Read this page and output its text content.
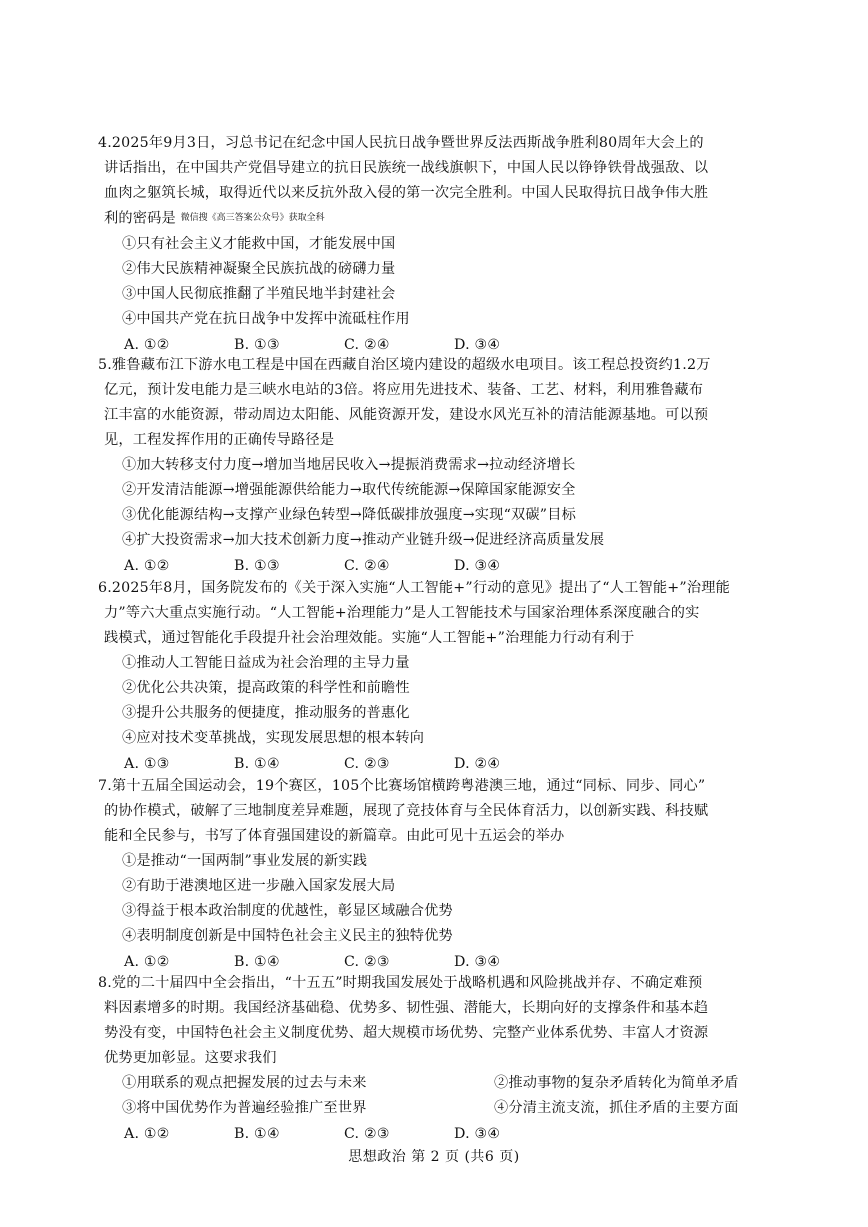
4.2025年9月3日，习总书记在纪念中国人民抗日战争暨世界反法西斯战争胜利80周年大会上的
讲话指出，在中国共产党倡导建立的抗日民族统一战线旗帜下，中国人民以铮铮铁骨战强敌、以
血肉之躯筑长城，取得近代以来反抗外敌入侵的第一次完全胜利。中国人民取得抗日战争伟大胜
利的密码是 微信搜《高三答案公众号》获取全科
①只有社会主义才能救中国，才能发展中国
②伟大民族精神凝聚全民族抗战的磅礴力量
③中国人民彻底推翻了半殖民地半封建社会
④中国共产党在抗日战争中发挥中流砥柱作用
A. ①②	B. ①③	C. ②④	D. ③④
5.雅鲁藏布江下游水电工程是中国在西藏自治区境内建设的超级水电项目。该工程总投资约1.2万
亿元，预计发电能力是三峡水电站的3倍。将应用先进技术、装备、工艺、材料，利用雅鲁藏布
江丰富的水能资源，带动周边太阳能、风能资源开发，建设水风光互补的清洁能源基地。可以预
见，工程发挥作用的正确传导路径是
①加大转移支付力度→增加当地居民收入→提振消费需求→拉动经济增长
②开发清洁能源→增强能源供给能力→取代传统能源→保障国家能源安全
③优化能源结构→支撑产业绿色转型→降低碳排放强度→实现“双碳”目标
④扩大投资需求→加大技术创新力度→推动产业链升级→促进经济高质量发展
A. ①②	B. ①③	C. ②④	D. ③④
6.2025年8月，国务院发布的《关于深入实施“人工智能+”行动的意见》提出了“人工智能+”治理能
力”等六大重点实施行动。“人工智能+治理能力”是人工智能技术与国家治理体系深度融合的实
践模式，通过智能化手段提升社会治理效能。实施“人工智能+”治理能力行动有利于
①推动人工智能日益成为社会治理的主导力量
②优化公共决策，提高政策的科学性和前瞻性
③提升公共服务的便捷度，推动服务的普惠化
④应对技术变革挑战，实现发展思想的根本转向
A. ①③	B. ①④	C. ②③	D. ②④
7.第十五届全国运动会，19个赛区，105个比赛场馆横跨粤港澳三地，通过“同标、同步、同心”
的协作模式，破解了三地制度差异难题，展现了竞技体育与全民体育活力，以创新实践、科技赋
能和全民参与，书写了体育强国建设的新篇章。由此可见十五运会的举办
①是推动“一国两制”事业发展的新实践
②有助于港澳地区进一步融入国家发展大局
③得益于根本政治制度的优越性，彰显区域融合优势
④表明制度创新是中国特色社会主义民主的独特优势
A. ①②	B. ①④	C. ②③	D. ③④
8.党的二十届四中全会指出，“十五五”时期我国发展处于战略机遇和风险挑战并存、不确定难预
料因素增多的时期。我国经济基础稳、优势多、韧性强、潜能大，长期向好的支撑条件和基本趋
势没有变，中国特色社会主义制度优势、超大规模市场优势、完整产业体系优势、丰富人才资源
优势更加彰显。这要求我们
①用联系的观点把握发展的过去与未来	②推动事物的复杂矛盾转化为简单矛盾
③将中国优势作为普遍经验推广至世界	④分清主流支流，抓住矛盾的主要方面
A. ①②	B. ①④	C. ②③	D. ③④
思想政治 第 2 页 (共6 页)
